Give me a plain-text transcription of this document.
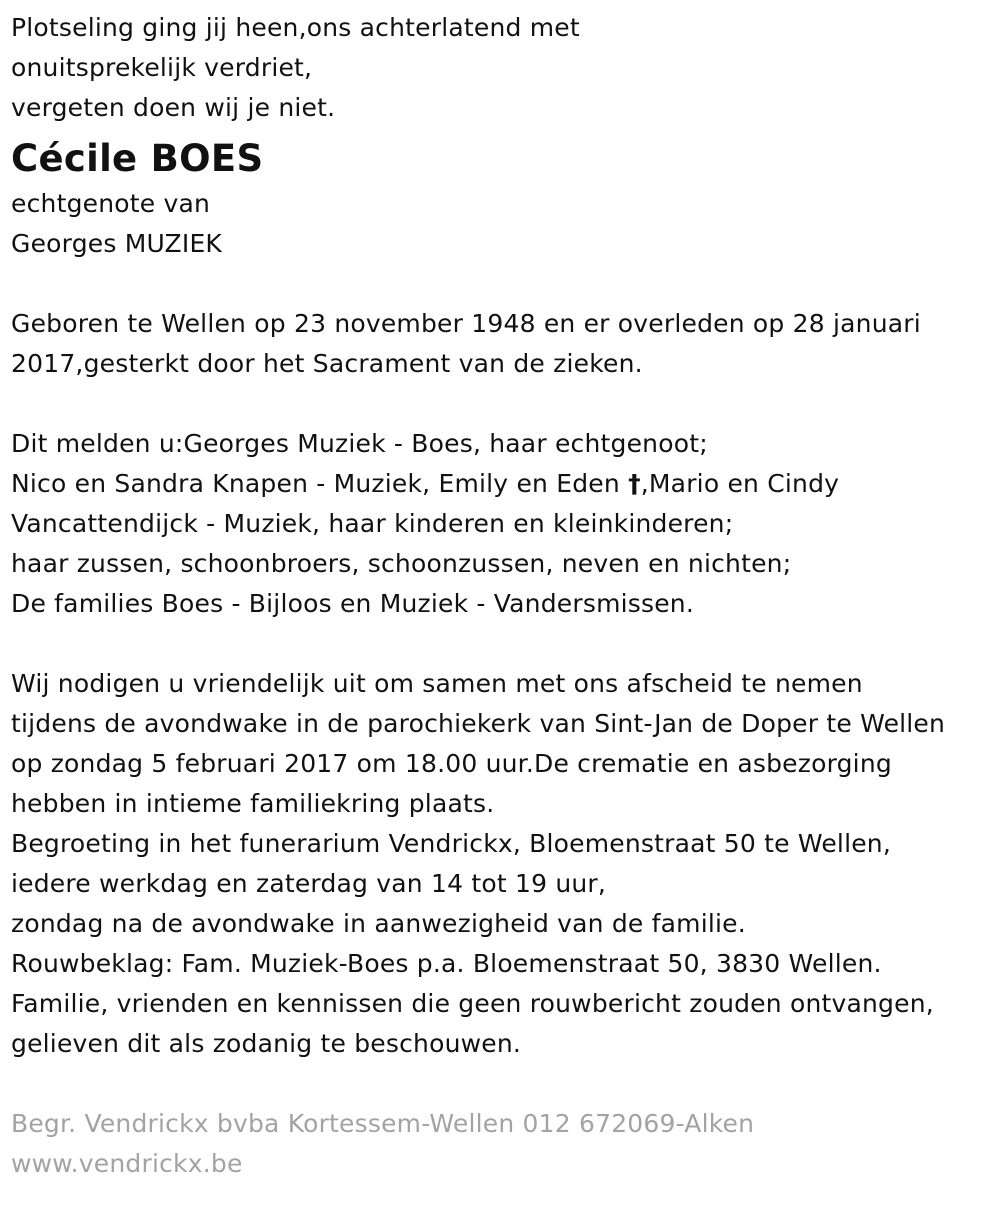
Plotseling ging jij heen,ons achterlatend met
onuitsprekelijk verdriet,
vergeten doen wij je niet.
Cécile BOES
echtgenote van
Georges MUZIEK
Geboren te Wellen op 23 november 1948 en er overleden op 28 januari
2017,gesterkt door het Sacrament van de zieken.
Dit melden u:Georges Muziek - Boes, haar echtgenoot;
Nico en Sandra Knapen - Muziek, Emily en Eden †,Mario en Cindy
Vancattendijck - Muziek, haar kinderen en kleinkinderen;
haar zussen, schoonbroers, schoonzussen, neven en nichten;
De families Boes - Bijloos en Muziek - Vandersmissen.
Wij nodigen u vriendelijk uit om samen met ons afscheid te nemen
tijdens de avondwake in de parochiekerk van Sint-Jan de Doper te Wellen
op zondag 5 februari 2017 om 18.00 uur.De crematie en asbezorging
hebben in intieme familiekring plaats.
Begroeting in het funerarium Vendrickx, Bloemenstraat 50 te Wellen,
iedere werkdag en zaterdag van 14 tot 19 uur,
zondag na de avondwake in aanwezigheid van de familie.
Rouwbeklag: Fam. Muziek-Boes p.a. Bloemenstraat 50, 3830 Wellen.
Familie, vrienden en kennissen die geen rouwbericht zouden ontvangen,
gelieven dit als zodanig te beschouwen.
Begr. Vendrickx bvba Kortessem-Wellen 012 672069-Alken
www.vendrickx.be
